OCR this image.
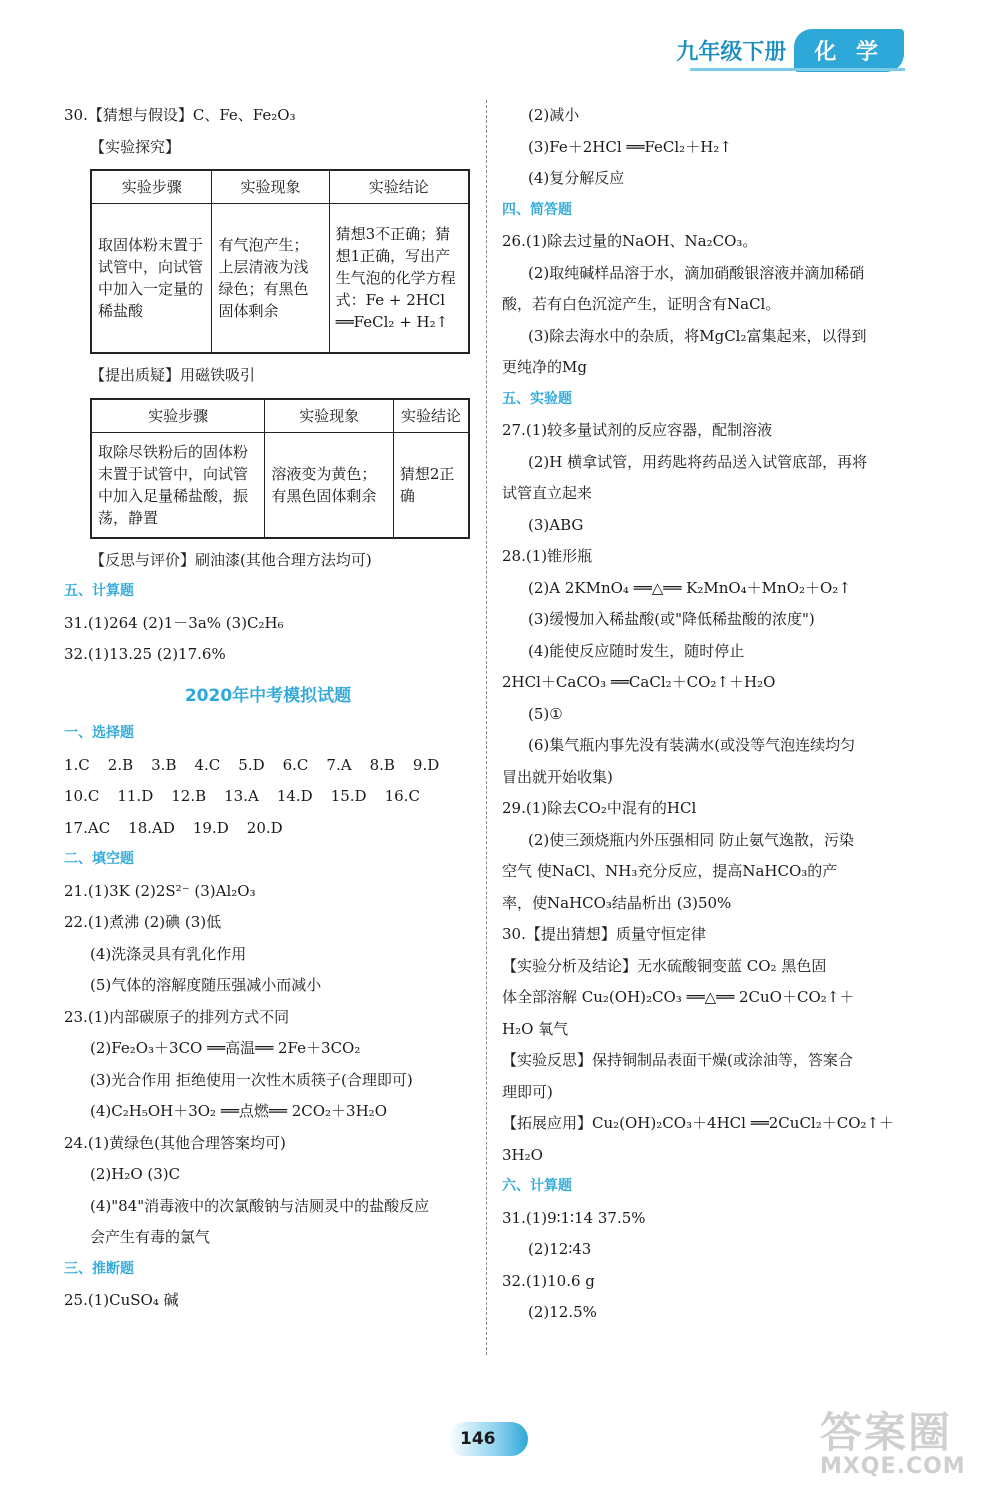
九年级下册	化 学
30.【猜想与假设】C、Fe、Fe₂O₃
【实验探究】
实验步骤	实验现象	实验结论
取固体粉末置于试管中，向试管中加入一定量的稀盐酸	有气泡产生；上层清液为浅绿色；有黑色固体剩余	猜想3不正确；猜想1正确，写出产生气泡的化学方程式：Fe + 2HCl ══FeCl₂ + H₂↑
【提出质疑】用磁铁吸引
实验步骤	实验现象	实验结论
取除尽铁粉后的固体粉末置于试管中，向试管中加入足量稀盐酸，振荡，静置	溶液变为黄色；有黑色固体剩余	猜想2正确
【反思与评价】刷油漆(其他合理方法均可)
五、计算题
31.(1)264 (2)1－3a% (3)C₂H₆
32.(1)13.25 (2)17.6%
2020年中考模拟试题
一、选择题
1.C 2.B 3.B 4.C 5.D 6.C 7.A 8.B 9.D
10.C 11.D 12.B 13.A 14.D 15.D 16.C
17.AC 18.AD 19.D 20.D
二、填空题
21.(1)3K (2)2S²⁻ (3)Al₂O₃
22.(1)煮沸 (2)碘 (3)低
(4)洗涤灵具有乳化作用
(5)气体的溶解度随压强减小而减小
23.(1)内部碳原子的排列方式不同
(2)Fe₂O₃＋3CO ══高温══ 2Fe＋3CO₂
(3)光合作用 拒绝使用一次性木质筷子(合理即可)
(4)C₂H₅OH＋3O₂ ══点燃══ 2CO₂＋3H₂O
24.(1)黄绿色(其他合理答案均可)
(2)H₂O (3)C
(4)"84"消毒液中的次氯酸钠与洁厕灵中的盐酸反应
会产生有毒的氯气
三、推断题
25.(1)CuSO₄ 碱
(2)减小
(3)Fe＋2HCl ══FeCl₂＋H₂↑
(4)复分解反应
四、简答题
26.(1)除去过量的NaOH、Na₂CO₃。
(2)取纯碱样品溶于水，滴加硝酸银溶液并滴加稀硝
酸，若有白色沉淀产生，证明含有NaCl。
(3)除去海水中的杂质，将MgCl₂富集起来，以得到
更纯净的Mg
五、实验题
27.(1)较多量试剂的反应容器，配制溶液
(2)H 横拿试管，用药匙将药品送入试管底部，再将
试管直立起来
(3)ABG
28.(1)锥形瓶
(2)A 2KMnO₄ ══△══ K₂MnO₄＋MnO₂＋O₂↑
(3)缓慢加入稀盐酸(或"降低稀盐酸的浓度")
(4)能使反应随时发生，随时停止
2HCl＋CaCO₃ ══CaCl₂＋CO₂↑＋H₂O
(5)①
(6)集气瓶内事先没有装满水(或没等气泡连续均匀
冒出就开始收集)
29.(1)除去CO₂中混有的HCl
(2)使三颈烧瓶内外压强相同 防止氨气逸散，污染
空气 使NaCl、NH₃充分反应，提高NaHCO₃的产
率，使NaHCO₃结晶析出 (3)50%
30.【提出猜想】质量守恒定律
【实验分析及结论】无水硫酸铜变蓝 CO₂ 黑色固
体全部溶解 Cu₂(OH)₂CO₃ ══△══ 2CuO＋CO₂↑＋
H₂O 氧气
【实验反思】保持铜制品表面干燥(或涂油等，答案合
理即可)
【拓展应用】Cu₂(OH)₂CO₃＋4HCl ══2CuCl₂＋CO₂↑＋
3H₂O
六、计算题
31.(1)9∶1∶14 37.5%
(2)12∶43
32.(1)10.6 g
(2)12.5%
146	答案圈
MXQE.COM
